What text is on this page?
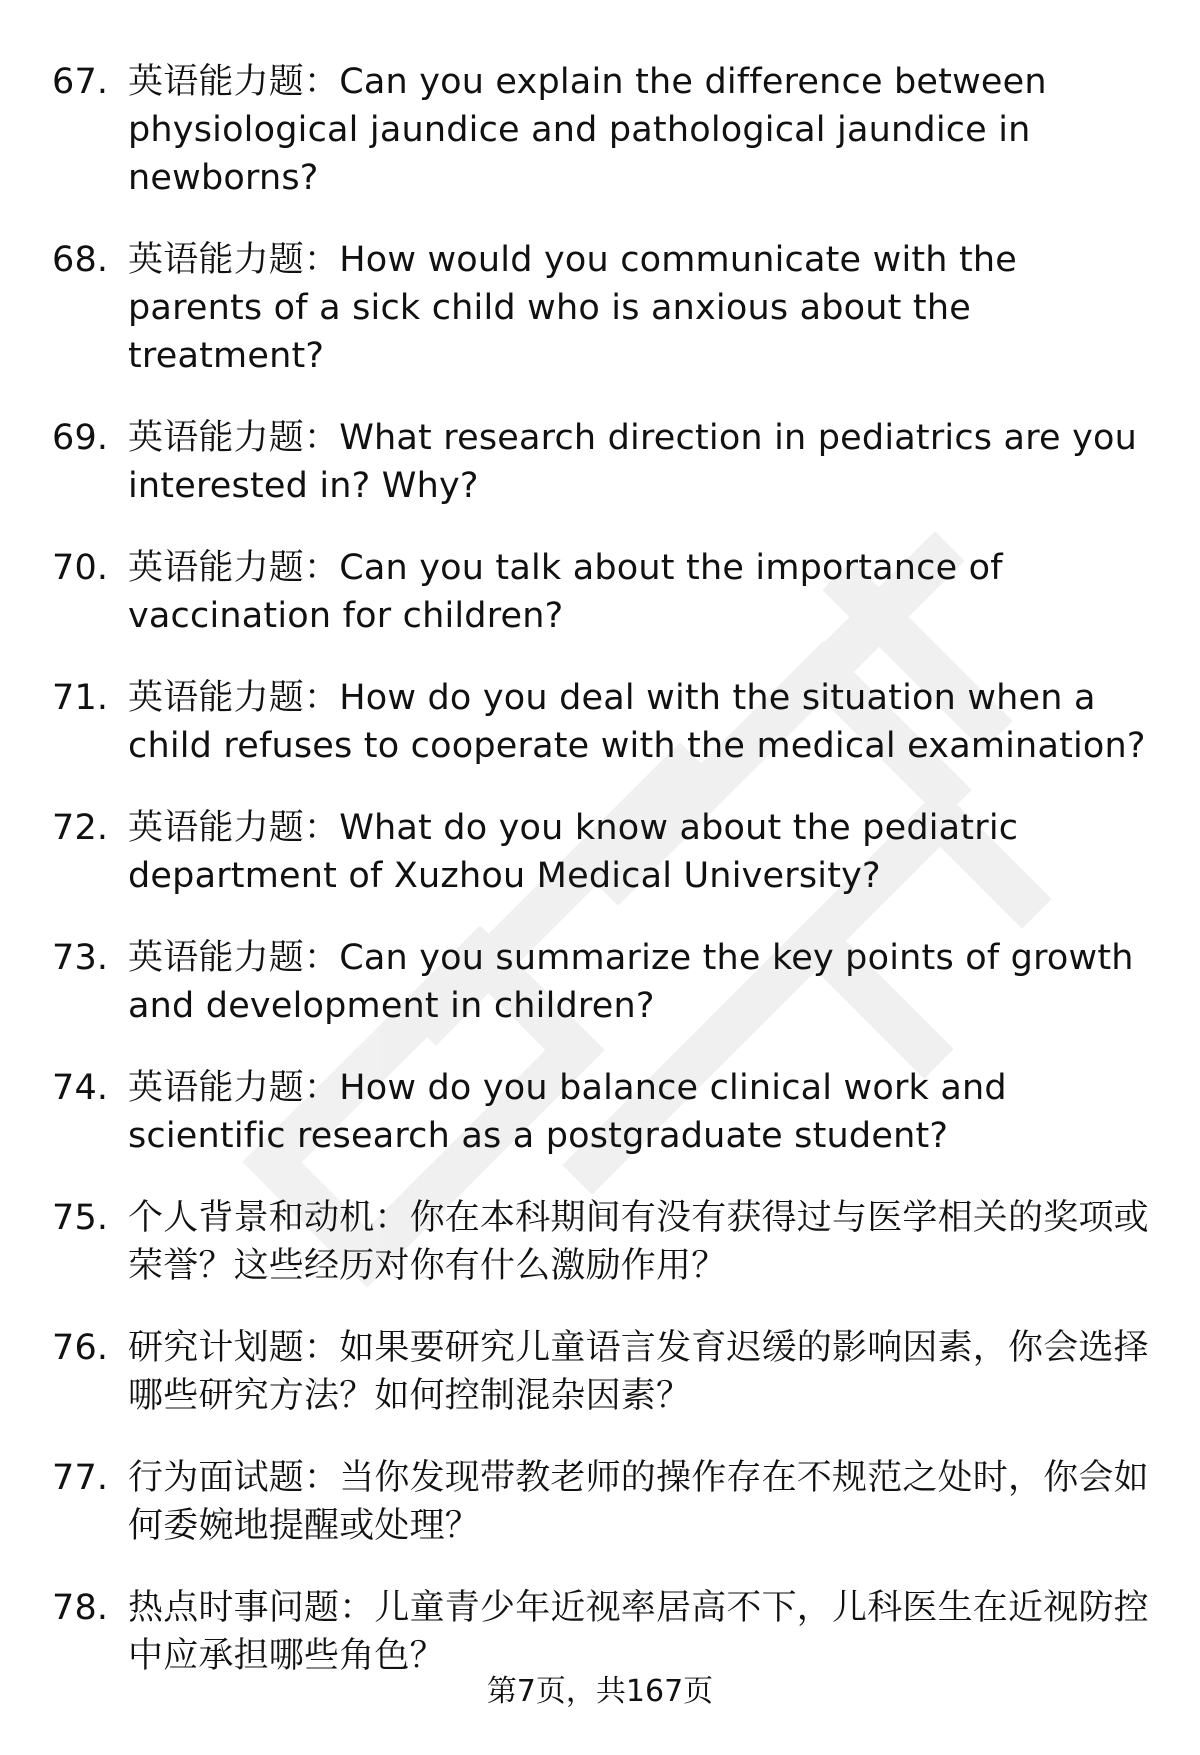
67. 英语能力题：Can you explain the difference between physiological jaundice and pathological jaundice in newborns?
68. 英语能力题：How would you communicate with the parents of a sick child who is anxious about the treatment?
69. 英语能力题：What research direction in pediatrics are you interested in? Why?
70. 英语能力题：Can you talk about the importance of vaccination for children?
71. 英语能力题：How do you deal with the situation when a child refuses to cooperate with the medical examination?
72. 英语能力题：What do you know about the pediatric department of Xuzhou Medical University?
73. 英语能力题：Can you summarize the key points of growth and development in children?
74. 英语能力题：How do you balance clinical work and scientific research as a postgraduate student?
75. 个人背景和动机：你在本科期间有没有获得过与医学相关的奖项或荣誉？这些经历对你有什么激励作用？
76. 研究计划题：如果要研究儿童语言发育迟缓的影响因素，你会选择哪些研究方法？如何控制混杂因素？
77. 行为面试题：当你发现带教老师的操作存在不规范之处时，你会如何委婉地提醒或处理？
78. 热点时事问题：儿童青少年近视率居高不下，儿科医生在近视防控中应承担哪些角色？
第7页，共167页
